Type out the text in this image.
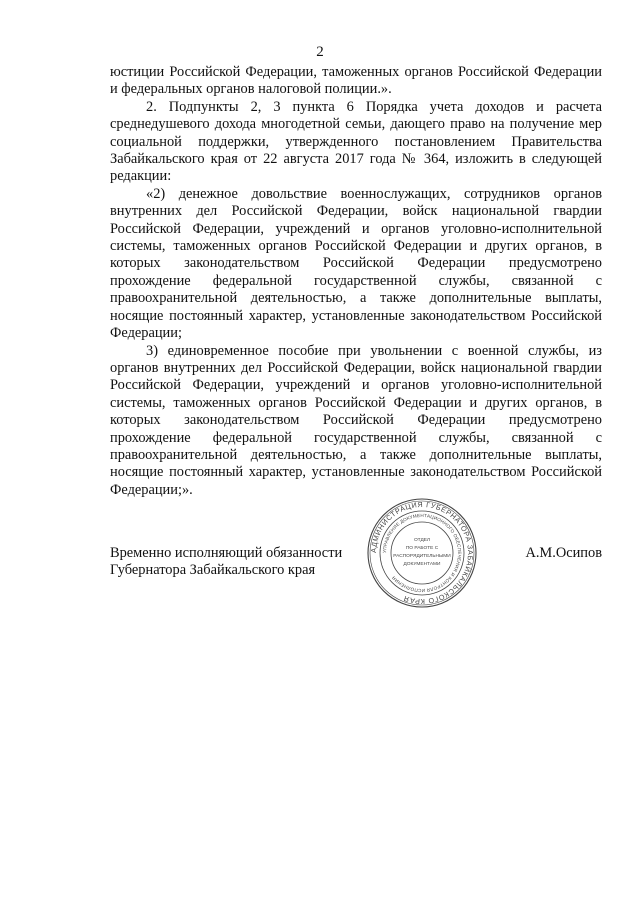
2

юстиции Российской Федерации, таможенных органов Российской Федерации и федеральных органов налоговой полиции.».

2. Подпункты 2, 3 пункта 6 Порядка учета доходов и расчета среднедушевого дохода многодетной семьи, дающего право на получение мер социальной поддержки, утвержденного постановлением Правительства Забайкальского края от 22 августа 2017 года № 364, изложить в следующей редакции:

«2) денежное довольствие военнослужащих, сотрудников органов внутренних дел Российской Федерации, войск национальной гвардии Российской Федерации, учреждений и органов уголовно-исполнительной системы, таможенных органов Российской Федерации и других органов, в которых законодательством Российской Федерации предусмотрено прохождение федеральной государственной службы, связанной с правоохранительной деятельностью, а также дополнительные выплаты, носящие постоянный характер, установленные законодательством Российской Федерации;

3) единовременное пособие при увольнении с военной службы, из органов внутренних дел Российской Федерации, войск национальной гвардии Российской Федерации, учреждений и органов уголовно-исполнительной системы, таможенных органов Российской Федерации и других органов, в которых законодательством Российской Федерации предусмотрено прохождение федеральной государственной службы, связанной с правоохранительной деятельностью, а также дополнительные выплаты, носящие постоянный характер, установленные законодательством Российской Федерации;».

Временно исполняющий обязанности
Губернатора Забайкальского края
А.М.Осипов
АДМИНИСТРАЦИЯ ГУБЕРНАТОРА ЗАБАЙКАЛЬСКОГО КРАЯ
УПРАВЛЕНИЕ ДОКУМЕНТАЦИОННОГО ОБЕСПЕЧЕНИЯ И КОНТРОЛЯ ИСПОЛНЕНИЯ
ОТДЕЛ
ПО РАБОТЕ С
РАСПОРЯДИТЕЛЬНЫМИ
ДОКУМЕНТАМИ
